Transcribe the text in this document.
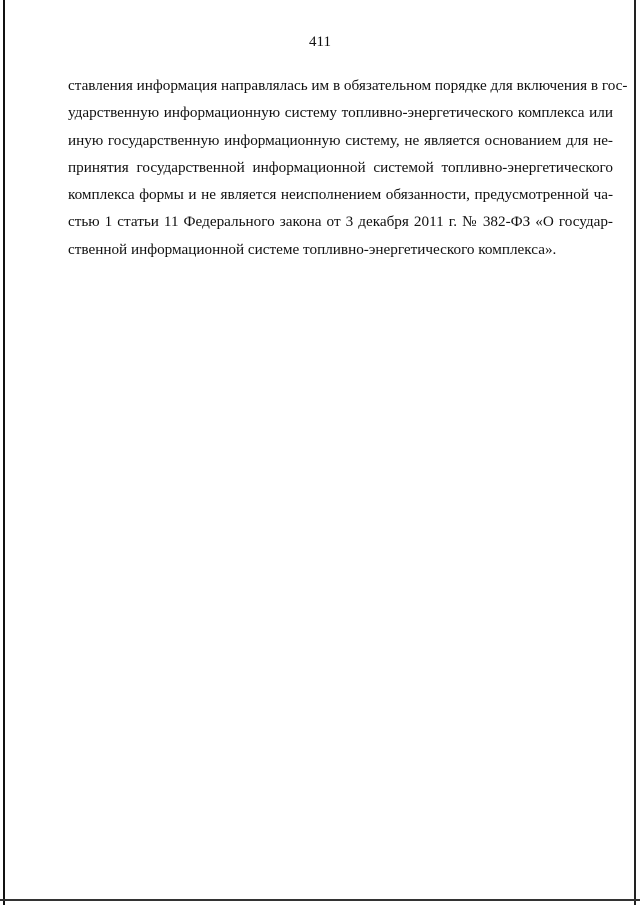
411

ставления информация направлялась им в обязательном порядке для включения в гос-
ударственную информационную систему топливно-энергетического комплекса или
иную государственную информационную систему, не является основанием для не-
принятия государственной информационной системой топливно-энергетического
комплекса формы и не является неисполнением обязанности, предусмотренной ча-
стью 1 статьи 11 Федерального закона от 3 декабря 2011 г. № 382-ФЗ «О государ-
ственной информационной системе топливно-энергетического комплекса».
